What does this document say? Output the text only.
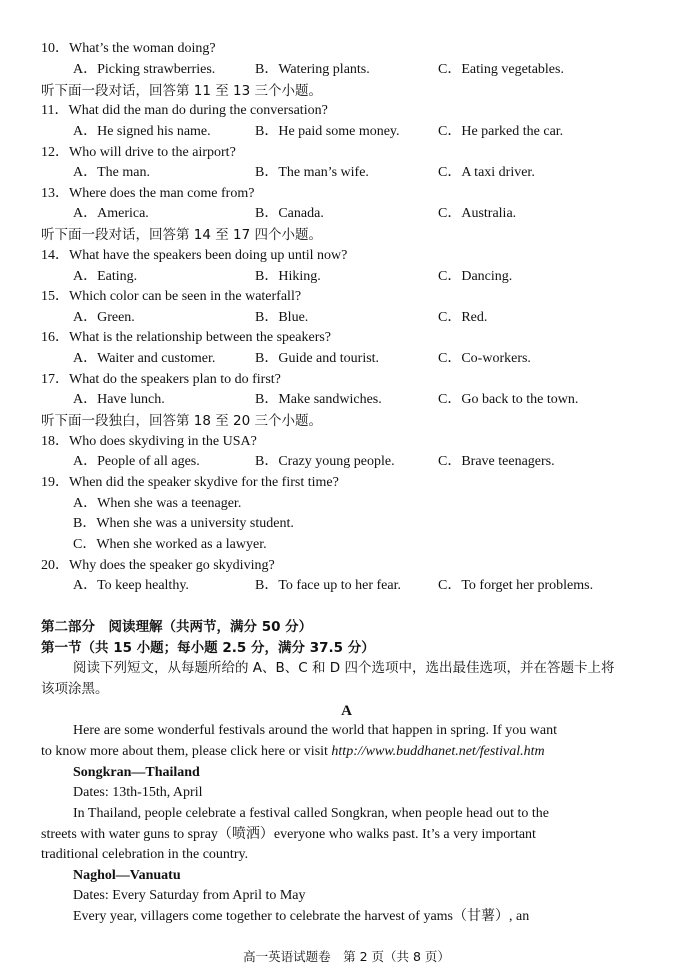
10．What’s the woman doing?
A．Picking strawberries.	B．Watering plants.	C．Eating vegetables.
听下面一段对话，回答第 11 至 13 三个小题。
11．What did the man do during the conversation?
A．He signed his name.	B．He paid some money.	C．He parked the car.
12．Who will drive to the airport?
A．The man.	B．The man’s wife.	C．A taxi driver.
13．Where does the man come from?
A．America.	B．Canada.	C．Australia.
听下面一段对话，回答第 14 至 17 四个小题。
14．What have the speakers been doing up until now?
A．Eating.	B．Hiking.	C．Dancing.
15．Which color can be seen in the waterfall?
A．Green.	B．Blue.	C．Red.
16．What is the relationship between the speakers?
A．Waiter and customer.	B．Guide and tourist.	C．Co-workers.
17．What do the speakers plan to do first?
A．Have lunch.	B．Make sandwiches.	C．Go back to the town.
听下面一段独白，回答第 18 至 20 三个小题。
18．Who does skydiving in the USA?
A．People of all ages.	B．Crazy young people.	C．Brave teenagers.
19．When did the speaker skydive for the first time?
A．When she was a teenager.
B．When she was a university student.
C．When she worked as a lawyer.
20．Why does the speaker go skydiving?
A．To keep healthy.	B．To face up to her fear.	C．To forget her problems.
第二部分　阅读理解（共两节，满分 50 分）
第一节（共 15 小题；每小题 2.5 分，满分 37.5 分）
阅读下列短文，从每题所给的 A、B、C 和 D 四个选项中，选出最佳选项，并在答题卡上将
该项涂黑。
A
Here are some wonderful festivals around the world that happen in spring. If you want
to know more about them, please click here or visit http://www.buddhanet.net/festival.htm
Songkran—Thailand
Dates: 13th-15th, April
In Thailand, people celebrate a festival called Songkran, when people head out to the
streets with water guns to spray（喷洒）everyone who walks past. It’s a very important
traditional celebration in the country.
Naghol—Vanuatu
Dates: Every Saturday from April to May
Every year, villagers come together to celebrate the harvest of yams（甘薯）, an
高一英语试题卷　第 2 页（共 8 页）
